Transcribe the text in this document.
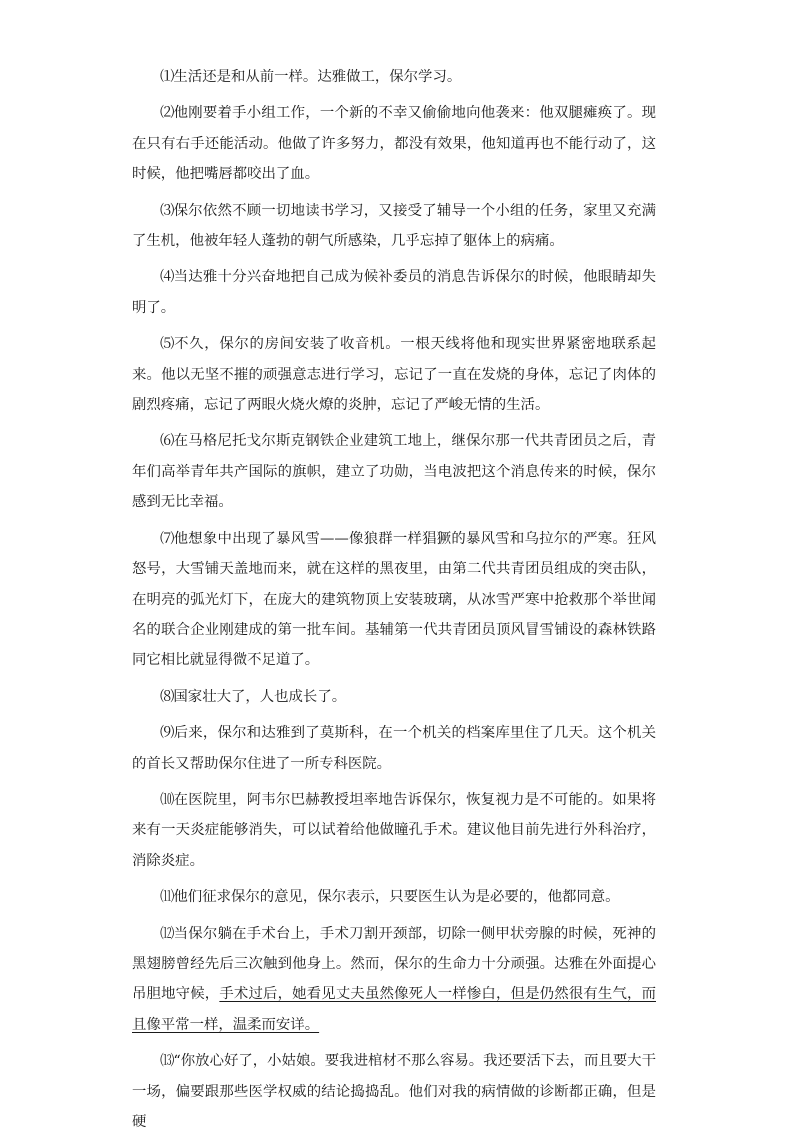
⑴生活还是和从前一样。达雅做工，保尔学习。

⑵他刚要着手小组工作，一个新的不幸又偷偷地向他袭来：他双腿瘫痪了。现在只有右手还能活动。他做了许多努力，都没有效果，他知道再也不能行动了，这时候，他把嘴唇都咬出了血。

⑶保尔依然不顾一切地读书学习，又接受了辅导一个小组的任务，家里又充满了生机，他被年轻人蓬勃的朝气所感染，几乎忘掉了躯体上的病痛。

⑷当达雅十分兴奋地把自己成为候补委员的消息告诉保尔的时候，他眼睛却失明了。

⑸不久，保尔的房间安装了收音机。一根天线将他和现实世界紧密地联系起来。他以无坚不摧的顽强意志进行学习，忘记了一直在发烧的身体，忘记了肉体的剧烈疼痛，忘记了两眼火烧火燎的炎肿，忘记了严峻无情的生活。

⑹在马格尼托戈尔斯克钢铁企业建筑工地上，继保尔那一代共青团员之后，青年们高举青年共产国际的旗帜，建立了功勋，当电波把这个消息传来的时候，保尔感到无比幸福。

⑺他想象中出现了暴风雪——像狼群一样猖獗的暴风雪和乌拉尔的严寒。狂风怒号，大雪铺天盖地而来，就在这样的黑夜里，由第二代共青团员组成的突击队，在明亮的弧光灯下，在庞大的建筑物顶上安装玻璃，从冰雪严寒中抢救那个举世闻名的联合企业刚建成的第一批车间。基辅第一代共青团员顶风冒雪铺设的森林铁路同它相比就显得微不足道了。

⑻国家壮大了，人也成长了。

⑼后来，保尔和达雅到了莫斯科，在一个机关的档案库里住了几天。这个机关的首长又帮助保尔住进了一所专科医院。

⑽在医院里，阿韦尔巴赫教授坦率地告诉保尔，恢复视力是不可能的。如果将来有一天炎症能够消失，可以试着给他做瞳孔手术。建议他目前先进行外科治疗，消除炎症。

⑾他们征求保尔的意见，保尔表示，只要医生认为是必要的，他都同意。

⑿当保尔躺在手术台上，手术刀割开颈部，切除一侧甲状旁腺的时候，死神的黑翅膀曾经先后三次触到他身上。然而，保尔的生命力十分顽强。达雅在外面提心吊胆地守候，手术过后，她看见丈夫虽然像死人一样惨白，但是仍然很有生气，而且像平常一样，温柔而安详。

⒀“你放心好了，小姑娘。要我进棺材不那么容易。我还要活下去，而且要大干一场，偏要跟那些医学权威的结论捣捣乱。他们对我的病情做的诊断都正确，但是硬
